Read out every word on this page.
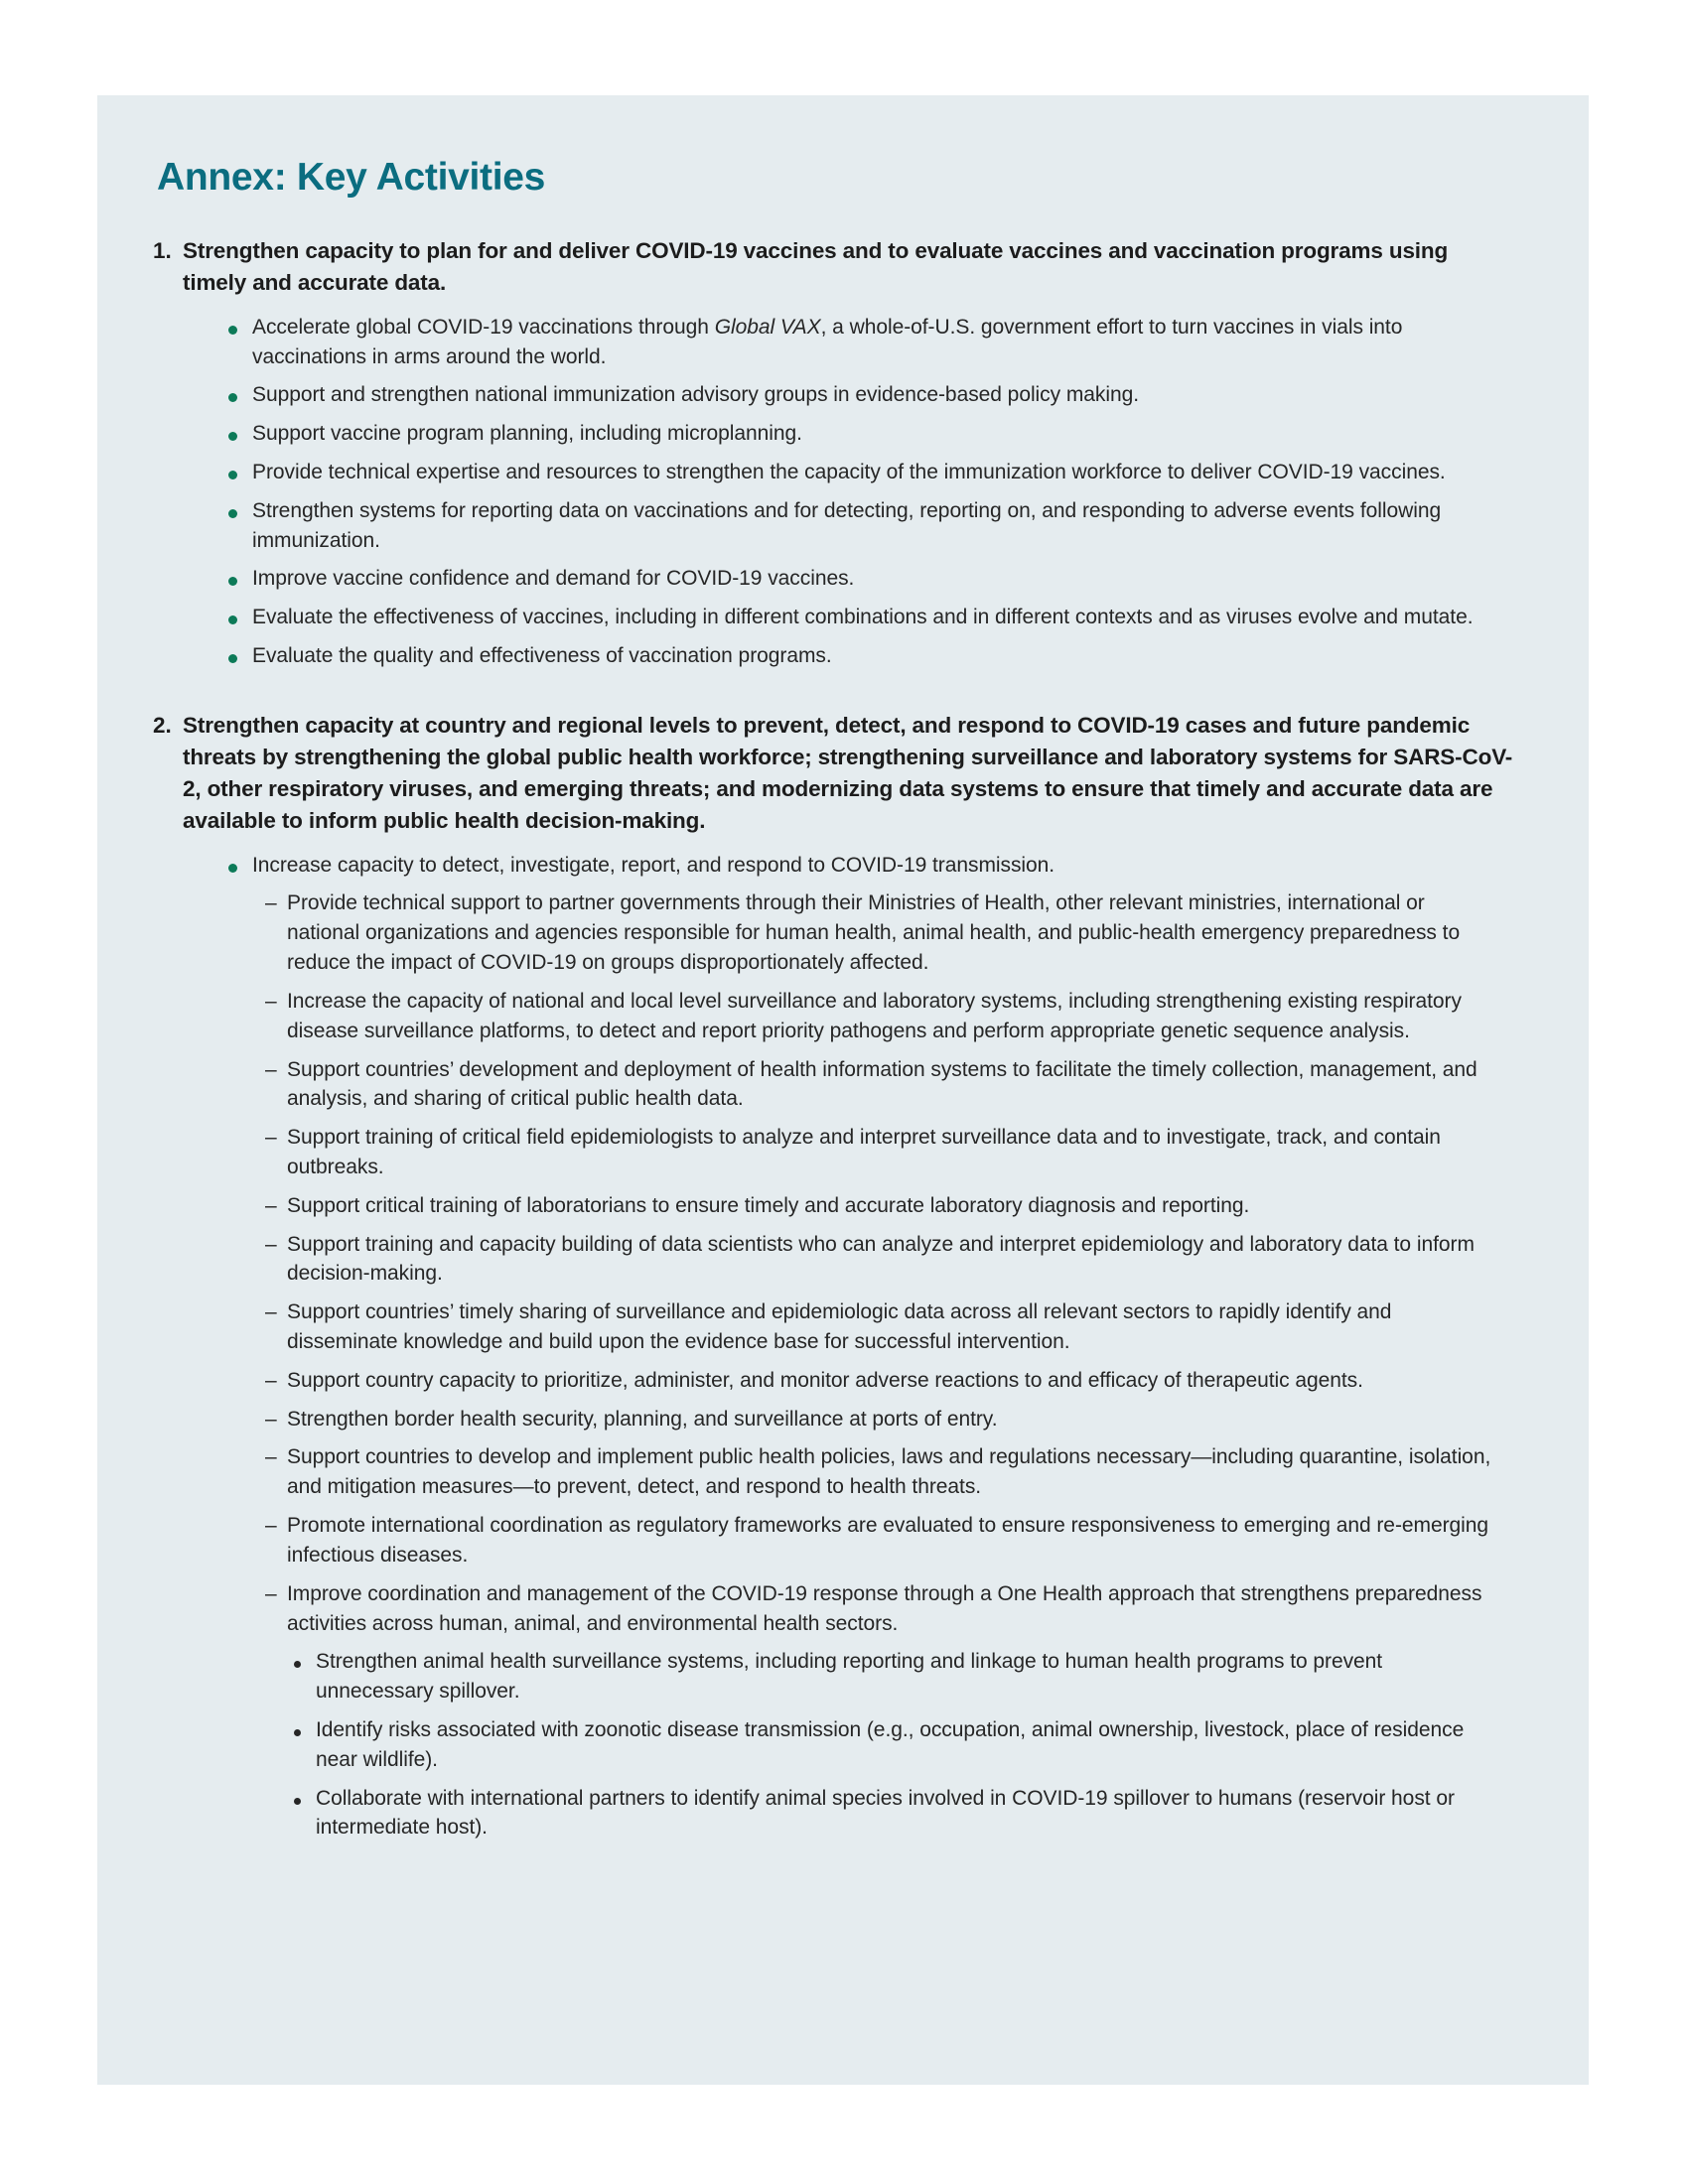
Annex: Key Activities
1. Strengthen capacity to plan for and deliver COVID-19 vaccines and to evaluate vaccines and vaccination programs using timely and accurate data.
Accelerate global COVID-19 vaccinations through Global VAX, a whole-of-U.S. government effort to turn vaccines in vials into vaccinations in arms around the world.
Support and strengthen national immunization advisory groups in evidence-based policy making.
Support vaccine program planning, including microplanning.
Provide technical expertise and resources to strengthen the capacity of the immunization workforce to deliver COVID-19 vaccines.
Strengthen systems for reporting data on vaccinations and for detecting, reporting on, and responding to adverse events following immunization.
Improve vaccine confidence and demand for COVID-19 vaccines.
Evaluate the effectiveness of vaccines, including in different combinations and in different contexts and as viruses evolve and mutate.
Evaluate the quality and effectiveness of vaccination programs.
2. Strengthen capacity at country and regional levels to prevent, detect, and respond to COVID-19 cases and future pandemic threats by strengthening the global public health workforce; strengthening surveillance and laboratory systems for SARS-CoV-2, other respiratory viruses, and emerging threats; and modernizing data systems to ensure that timely and accurate data are available to inform public health decision-making.
Increase capacity to detect, investigate, report, and respond to COVID-19 transmission.
– Provide technical support to partner governments through their Ministries of Health, other relevant ministries, international or national organizations and agencies responsible for human health, animal health, and public-health emergency preparedness to reduce the impact of COVID-19 on groups disproportionately affected.
– Increase the capacity of national and local level surveillance and laboratory systems, including strengthening existing respiratory disease surveillance platforms, to detect and report priority pathogens and perform appropriate genetic sequence analysis.
– Support countries’ development and deployment of health information systems to facilitate the timely collection, management, and analysis, and sharing of critical public health data.
– Support training of critical field epidemiologists to analyze and interpret surveillance data and to investigate, track, and contain outbreaks.
– Support critical training of laboratorians to ensure timely and accurate laboratory diagnosis and reporting.
– Support training and capacity building of data scientists who can analyze and interpret epidemiology and laboratory data to inform decision-making.
– Support countries’ timely sharing of surveillance and epidemiologic data across all relevant sectors to rapidly identify and disseminate knowledge and build upon the evidence base for successful intervention.
– Support country capacity to prioritize, administer, and monitor adverse reactions to and efficacy of therapeutic agents.
– Strengthen border health security, planning, and surveillance at ports of entry.
– Support countries to develop and implement public health policies, laws and regulations necessary—including quarantine, isolation, and mitigation measures—to prevent, detect, and respond to health threats.
– Promote international coordination as regulatory frameworks are evaluated to ensure responsiveness to emerging and re-emerging infectious diseases.
– Improve coordination and management of the COVID-19 response through a One Health approach that strengthens preparedness activities across human, animal, and environmental health sectors.
Strengthen animal health surveillance systems, including reporting and linkage to human health programs to prevent unnecessary spillover.
Identify risks associated with zoonotic disease transmission (e.g., occupation, animal ownership, livestock, place of residence near wildlife).
Collaborate with international partners to identify animal species involved in COVID-19 spillover to humans (reservoir host or intermediate host).
